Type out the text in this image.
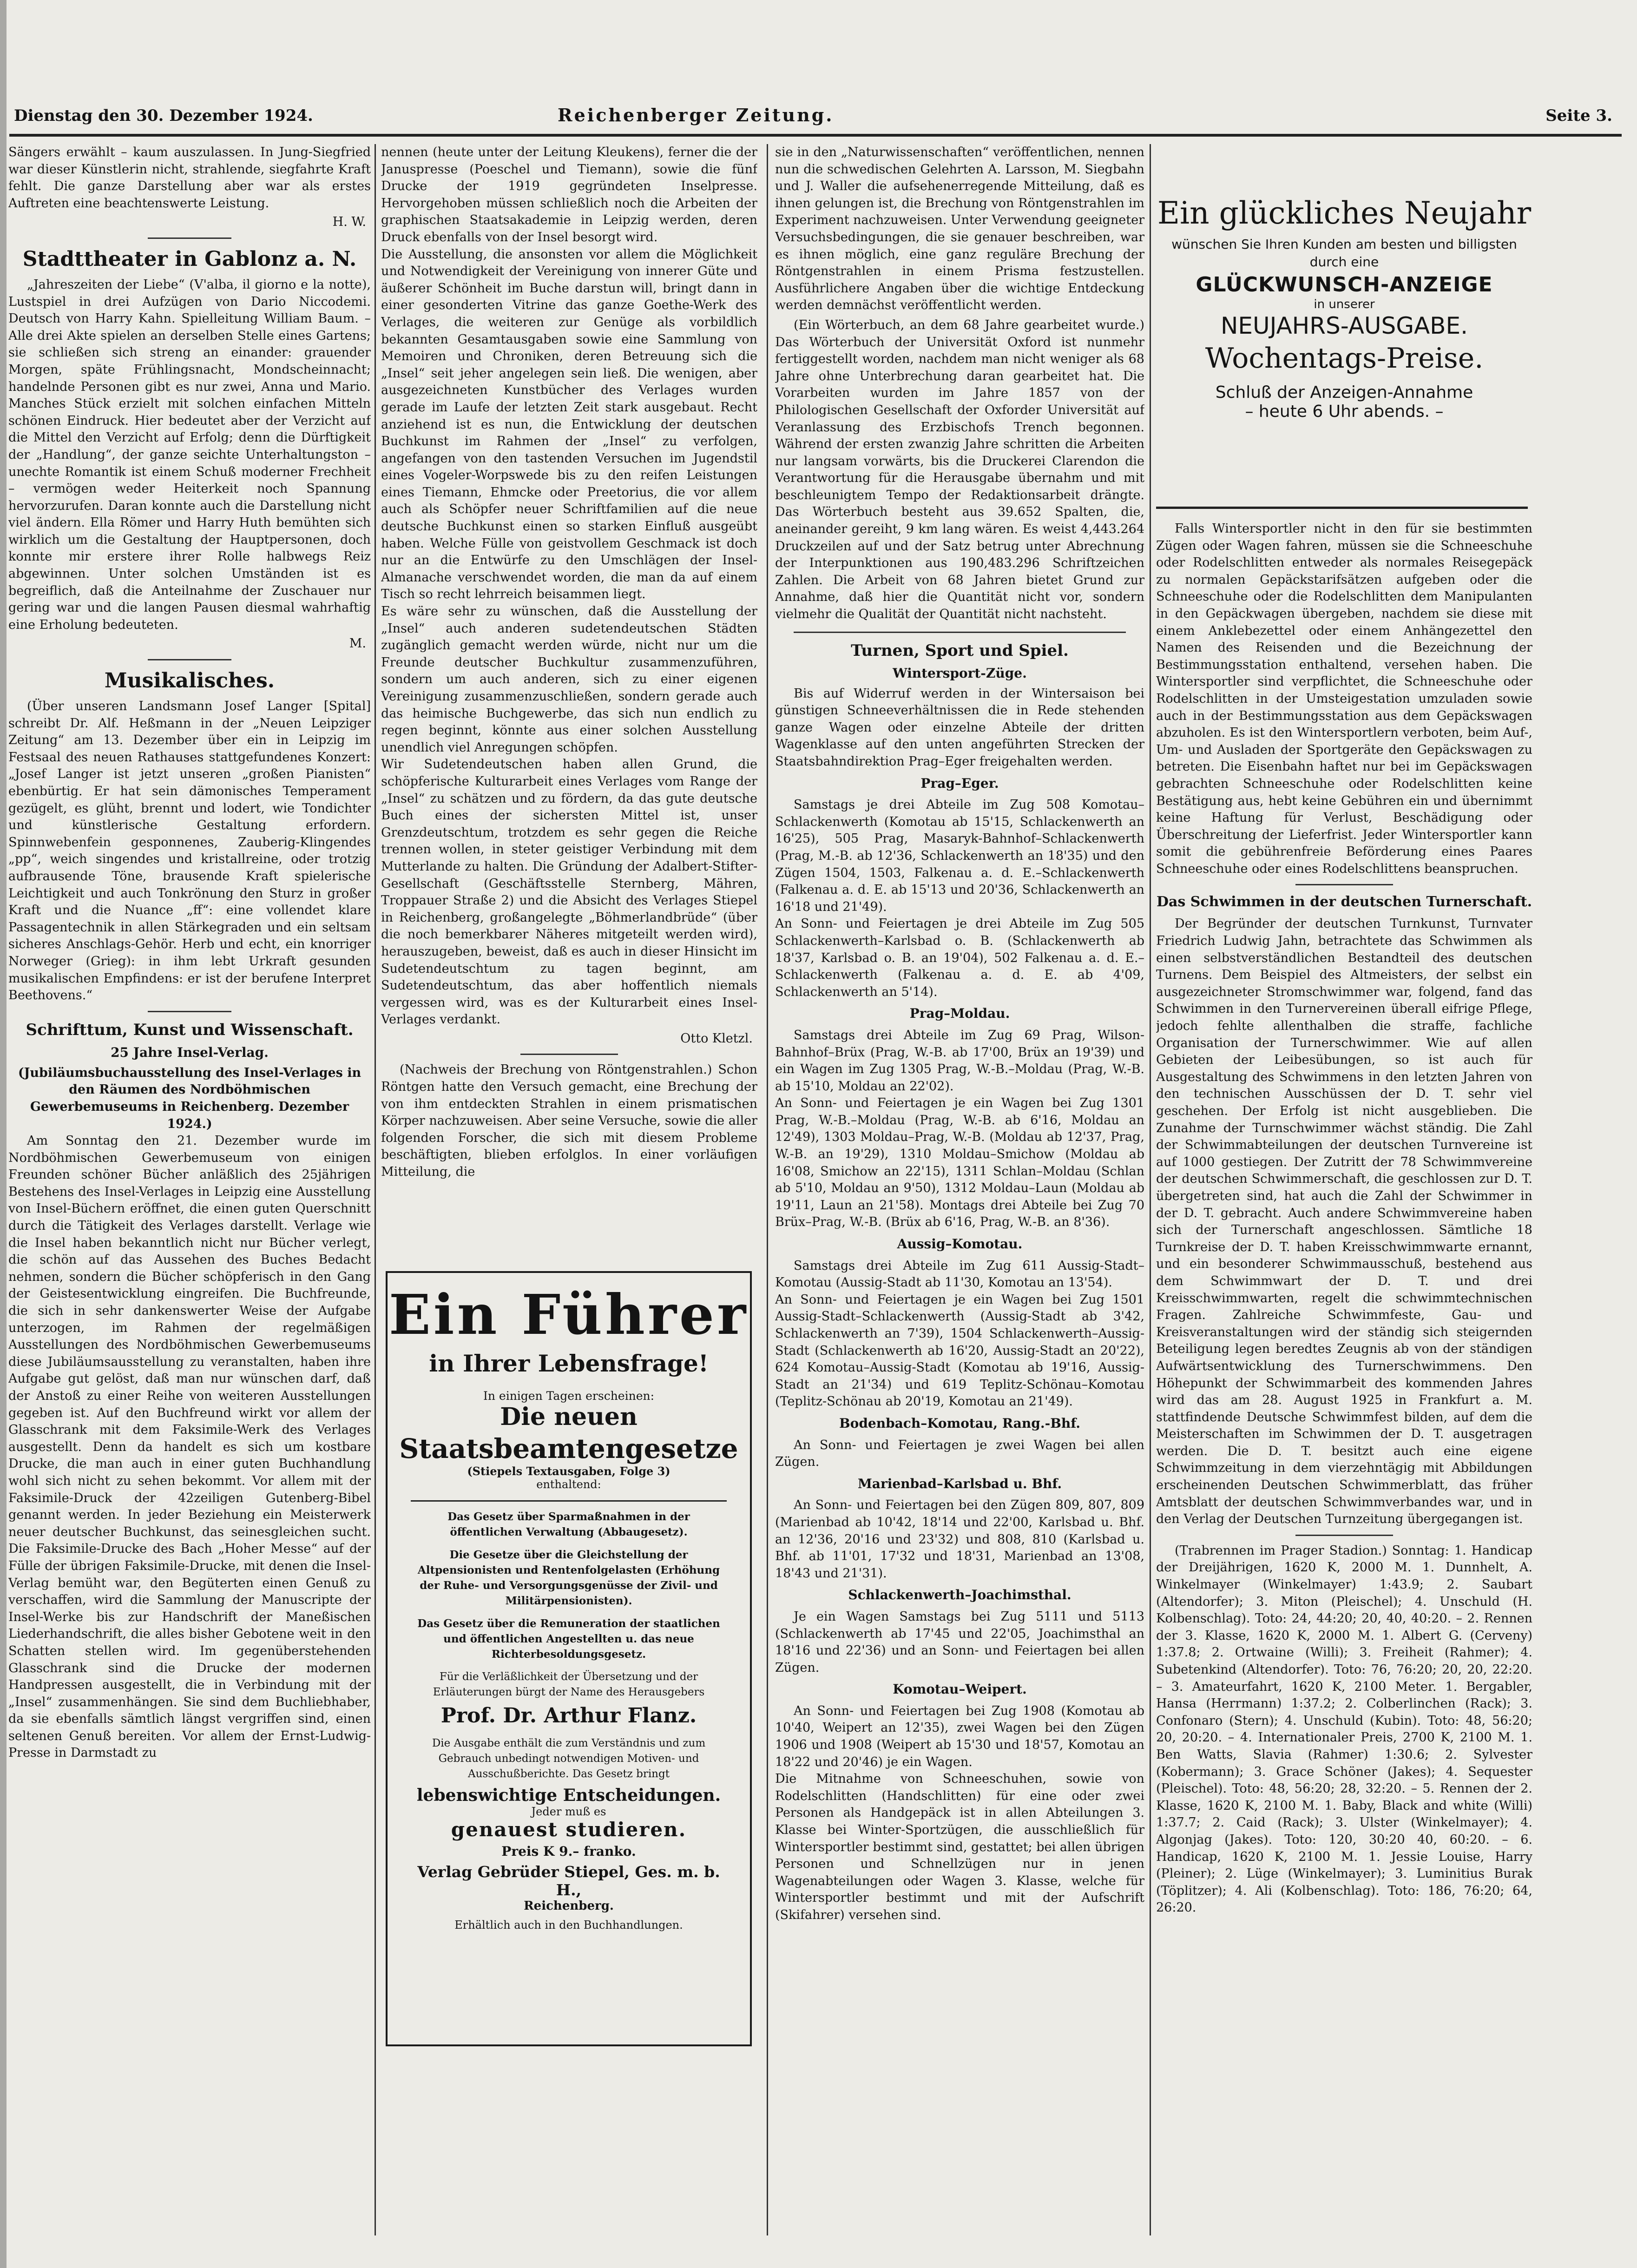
Dienstag den 30. Dezember 1924.	Reichenberger Zeitung.	Seite 3.

Sängers erwählt – kaum auszulassen. In Jung-Siegfried war dieser Künstlerin nicht, strahlende, siegfahrte Kraft fehlt. Die ganze Darstellung aber war als erstes Auftreten eine beachtenswerte Leistung.

H. W.
Stadttheater in Gablonz a. N.

„Jahreszeiten der Liebe“ (V'alba, il giorno e la notte), Lustspiel in drei Aufzügen von Dario Niccodemi. Deutsch von Harry Kahn. Spielleitung William Baum. – Alle drei Akte spielen an derselben Stelle eines Gartens; sie schließen sich streng an einander: grauender Morgen, späte Frühlingsnacht, Mondscheinnacht; handelnde Personen gibt es nur zwei, Anna und Mario. Manches Stück erzielt mit solchen einfachen Mitteln schönen Eindruck. Hier bedeutet aber der Verzicht auf die Mittel den Verzicht auf Erfolg; denn die Dürftigkeit der „Handlung“, der ganze seichte Unterhaltungston – unechte Romantik ist einem Schuß moderner Frechheit – vermögen weder Heiterkeit noch Spannung hervorzurufen. Daran konnte auch die Darstellung nicht viel ändern. Ella Römer und Harry Huth bemühten sich wirklich um die Gestaltung der Hauptpersonen, doch konnte mir erstere ihrer Rolle halbwegs Reiz abgewinnen. Unter solchen Umständen ist es begreiflich, daß die Anteilnahme der Zuschauer nur gering war und die langen Pausen diesmal wahrhaftig eine Erholung bedeuteten.

M.
Musikalisches.

(Über unseren Landsmann Josef Langer [Spital] schreibt Dr. Alf. Heßmann in der „Neuen Leipziger Zeitung“ am 13. Dezember über ein in Leipzig im Festsaal des neuen Rathauses stattgefundenes Konzert: „Josef Langer ist jetzt unseren „großen Pianisten“ ebenbürtig. Er hat sein dämonisches Temperament gezügelt, es glüht, brennt und lodert, wie Tondichter und künstlerische Gestaltung erfordern. Spinnwebenfein gesponnenes, Zauberig-Klingendes „pp“, weich singendes und kristallreine, oder trotzig aufbrausende Töne, brausende Kraft spielerische Leichtigkeit und auch Tonkrönung den Sturz in großer Kraft und die Nuance „ff“: eine vollendet klare Passagentechnik in allen Stärkegraden und ein seltsam sicheres Anschlags-Gehör. Herb und echt, ein knorriger Norweger (Grieg): in ihm lebt Urkraft gesunden musikalischen Empfindens: er ist der berufene Interpret Beethovens.“

Schrifttum, Kunst und Wissenschaft.
25 Jahre Insel-Verlag.

(Jubiläumsbuchausstellung des Insel-Verlages in den Räumen des Nordböhmischen Gewerbemuseums in Reichenberg. Dezember 1924.)

Am Sonntag den 21. Dezember wurde im Nordböhmischen Gewerbemuseum von einigen Freunden schöner Bücher anläßlich des 25jährigen Bestehens des Insel-Verlages in Leipzig eine Ausstellung von Insel-Büchern eröffnet, die einen guten Querschnitt durch die Tätigkeit des Verlages darstellt. Verlage wie die Insel haben bekanntlich nicht nur Bücher verlegt, die schön auf das Aussehen des Buches Bedacht nehmen, sondern die Bücher schöpferisch in den Gang der Geistesentwicklung eingreifen. Die Buchfreunde, die sich in sehr dankenswerter Weise der Aufgabe unterzogen, im Rahmen der regelmäßigen Ausstellungen des Nordböhmischen Gewerbemuseums diese Jubiläumsausstellung zu veranstalten, haben ihre Aufgabe gut gelöst, daß man nur wünschen darf, daß der Anstoß zu einer Reihe von weiteren Ausstellungen gegeben ist. Auf den Buchfreund wirkt vor allem der Glasschrank mit dem Faksimile-Werk des Verlages ausgestellt. Denn da handelt es sich um kostbare Drucke, die man auch in einer guten Buchhandlung wohl sich nicht zu sehen bekommt. Vor allem mit der Faksimile-Druck der 42zeiligen Gutenberg-Bibel genannt werden. In jeder Beziehung ein Meisterwerk neuer deutscher Buchkunst, das seinesgleichen sucht. Die Faksimile-Drucke des Bach „Hoher Messe“ auf der Fülle der übrigen Faksimile-Drucke, mit denen die Insel-Verlag bemüht war, den Begüterten einen Genuß zu verschaffen, wird die Sammlung der Manuscripte der Insel-Werke bis zur Handschrift der Maneßischen Liederhandschrift, die alles bisher Gebotene weit in den Schatten stellen wird. Im gegenüberstehenden Glasschrank sind die Drucke der modernen Handpressen ausgestellt, die in Verbindung mit der „Insel“ zusammenhängen. Sie sind dem Buchliebhaber, da sie ebenfalls sämtlich längst vergriffen sind, einen seltenen Genuß bereiten. Vor allem der Ernst-Ludwig-Presse in Darmstadt zu

nennen (heute unter der Leitung Kleukens), ferner die der Januspresse (Poeschel und Tiemann), sowie die fünf Drucke der 1919 gegründeten Inselpresse. Hervorgehoben müssen schließlich noch die Arbeiten der graphischen Staatsakademie in Leipzig werden, deren Druck ebenfalls von der Insel besorgt wird.
Die Ausstellung, die ansonsten vor allem die Möglichkeit und Notwendigkeit der Vereinigung von innerer Güte und äußerer Schönheit im Buche darstun will, bringt dann in einer gesonderten Vitrine das ganze Goethe-Werk des Verlages, die weiteren zur Genüge als vorbildlich bekannten Gesamtausgaben sowie eine Sammlung von Memoiren und Chroniken, deren Betreuung sich die „Insel“ seit jeher angelegen sein ließ. Die wenigen, aber ausgezeichneten Kunstbücher des Verlages wurden gerade im Laufe der letzten Zeit stark ausgebaut. Recht anziehend ist es nun, die Entwicklung der deutschen Buchkunst im Rahmen der „Insel“ zu verfolgen, angefangen von den tastenden Versuchen im Jugendstil eines Vogeler-Worpswede bis zu den reifen Leistungen eines Tiemann, Ehmcke oder Preetorius, die vor allem auch als Schöpfer neuer Schriftfamilien auf die neue deutsche Buchkunst einen so starken Einfluß ausgeübt haben. Welche Fülle von geistvollem Geschmack ist doch nur an die Entwürfe zu den Umschlägen der Insel-Almanache verschwendet worden, die man da auf einem Tisch so recht lehrreich beisammen liegt.
Es wäre sehr zu wünschen, daß die Ausstellung der „Insel“ auch anderen sudetendeutschen Städten zugänglich gemacht werden würde, nicht nur um die Freunde deutscher Buchkultur zusammenzuführen, sondern um auch anderen, sich zu einer eigenen Vereinigung zusammenzuschließen, sondern gerade auch das heimische Buchgewerbe, das sich nun endlich zu regen beginnt, könnte aus einer solchen Ausstellung unendlich viel Anregungen schöpfen.
Wir Sudetendeutschen haben allen Grund, die schöpferische Kulturarbeit eines Verlages vom Range der „Insel“ zu schätzen und zu fördern, da das gute deutsche Buch eines der sichersten Mittel ist, unser Grenzdeutschtum, trotzdem es sehr gegen die Reiche trennen wollen, in steter geistiger Verbindung mit dem Mutterlande zu halten. Die Gründung der Adalbert-Stifter-Gesellschaft (Geschäftsstelle Sternberg, Mähren, Troppauer Straße 2) und die Absicht des Verlages Stiepel in Reichenberg, großangelegte „Böhmerlandbrüde“ (über die noch bemerkbarer Näheres mitgeteilt werden wird), herauszugeben, beweist, daß es auch in dieser Hinsicht im Sudetendeutschtum zu tagen beginnt, am Sudetendeutschtum, das aber hoffentlich niemals vergessen wird, was es der Kulturarbeit eines Insel-Verlages verdankt.

Otto Kletzl.

(Nachweis der Brechung von Röntgenstrahlen.) Schon Röntgen hatte den Versuch gemacht, eine Brechung der von ihm entdeckten Strahlen in einem prismatischen Körper nachzuweisen. Aber seine Versuche, sowie die aller folgenden Forscher, die sich mit diesem Probleme beschäftigten, blieben erfolglos. In einer vorläufigen Mitteilung, die

Ein Führer
in Ihrer Lebensfrage!
In einigen Tagen erscheinen:
Die neuen
Staatsbeamtengesetze
(Stiepels Textausgaben, Folge 3)
enthaltend:

Das Gesetz über Sparmaßnahmen in der öffentlichen Verwaltung (Abbaugesetz).

Die Gesetze über die Gleichstellung der Altpensionisten und Rentenfolgelasten (Erhöhung der Ruhe- und Versorgungsgenüsse der Zivil- und Militärpensionisten).

Das Gesetz über die Remuneration der staatlichen und öffentlichen Angestellten u. das neue Richterbesoldungsgesetz.

Für die Verläßlichkeit der Übersetzung und der Erläuterungen bürgt der Name des Herausgebers

Prof. Dr. Arthur Flanz.

Die Ausgabe enthält die zum Verständnis und zum Gebrauch unbedingt notwendigen Motiven- und Ausschußberichte. Das Gesetz bringt

lebenswichtige Entscheidungen.
Jeder muß es
genauest studieren.
Preis K 9.– franko.
Verlag Gebrüder Stiepel, Ges. m. b. H.,
Reichenberg.
Erhältlich auch in den Buchhandlungen.

sie in den „Naturwissenschaften“ veröffentlichen, nennen nun die schwedischen Gelehrten A. Larsson, M. Siegbahn und J. Waller die aufsehenerregende Mitteilung, daß es ihnen gelungen ist, die Brechung von Röntgenstrahlen im Experiment nachzuweisen. Unter Verwendung geeigneter Versuchsbedingungen, die sie genauer beschreiben, war es ihnen möglich, eine ganz reguläre Brechung der Röntgenstrahlen in einem Prisma festzustellen. Ausführlichere Angaben über die wichtige Entdeckung werden demnächst veröffentlicht werden.

(Ein Wörterbuch, an dem 68 Jahre gearbeitet wurde.) Das Wörterbuch der Universität Oxford ist nunmehr fertiggestellt worden, nachdem man nicht weniger als 68 Jahre ohne Unterbrechung daran gearbeitet hat. Die Vorarbeiten wurden im Jahre 1857 von der Philologischen Gesellschaft der Oxforder Universität auf Veranlassung des Erzbischofs Trench begonnen. Während der ersten zwanzig Jahre schritten die Arbeiten nur langsam vorwärts, bis die Druckerei Clarendon die Verantwortung für die Herausgabe übernahm und mit beschleunigtem Tempo der Redaktionsarbeit drängte. Das Wörterbuch besteht aus 39.652 Spalten, die, aneinander gereiht, 9 km lang wären. Es weist 4,443.264 Druckzeilen auf und der Satz betrug unter Abrechnung der Interpunktionen aus 190,483.296 Schriftzeichen Zahlen. Die Arbeit von 68 Jahren bietet Grund zur Annahme, daß hier die Quantität nicht vor, sondern vielmehr die Qualität der Quantität nicht nachsteht.

Turnen, Sport und Spiel.
Wintersport-Züge.

Bis auf Widerruf werden in der Wintersaison bei günstigen Schneeverhältnissen die in Rede stehenden ganze Wagen oder einzelne Abteile der dritten Wagenklasse auf den unten angeführten Strecken der Staatsbahndirektion Prag–Eger freigehalten werden.

Prag–Eger.

Samstags je drei Abteile im Zug 508 Komotau–Schlackenwerth (Komotau ab 15'15, Schlackenwerth an 16'25), 505 Prag, Masaryk-Bahnhof–Schlackenwerth (Prag, M.-B. ab 12'36, Schlackenwerth an 18'35) und den Zügen 1504, 1503, Falkenau a. d. E.–Schlackenwerth (Falkenau a. d. E. ab 15'13 und 20'36, Schlackenwerth an 16'18 und 21'49).
An Sonn- und Feiertagen je drei Abteile im Zug 505 Schlackenwerth–Karlsbad o. B. (Schlackenwerth ab 18'37, Karlsbad o. B. an 19'04), 502 Falkenau a. d. E.–Schlackenwerth (Falkenau a. d. E. ab 4'09, Schlackenwerth an 5'14).

Prag–Moldau.

Samstags drei Abteile im Zug 69 Prag, Wilson-Bahnhof–Brüx (Prag, W.-B. ab 17'00, Brüx an 19'39) und ein Wagen im Zug 1305 Prag, W.-B.–Moldau (Prag, W.-B. ab 15'10, Moldau an 22'02).
An Sonn- und Feiertagen je ein Wagen bei Zug 1301 Prag, W.-B.–Moldau (Prag, W.-B. ab 6'16, Moldau an 12'49), 1303 Moldau–Prag, W.-B. (Moldau ab 12'37, Prag, W.-B. an 19'29), 1310 Moldau–Smichow (Moldau ab 16'08, Smichow an 22'15), 1311 Schlan–Moldau (Schlan ab 5'10, Moldau an 9'50), 1312 Moldau–Laun (Moldau ab 19'11, Laun an 21'58). Montags drei Abteile bei Zug 70 Brüx–Prag, W.-B. (Brüx ab 6'16, Prag, W.-B. an 8'36).

Aussig–Komotau.

Samstags drei Abteile im Zug 611 Aussig-Stadt–Komotau (Aussig-Stadt ab 11'30, Komotau an 13'54).
An Sonn- und Feiertagen je ein Wagen bei Zug 1501 Aussig-Stadt–Schlackenwerth (Aussig-Stadt ab 3'42, Schlackenwerth an 7'39), 1504 Schlackenwerth–Aussig-Stadt (Schlackenwerth ab 16'20, Aussig-Stadt an 20'22), 624 Komotau–Aussig-Stadt (Komotau ab 19'16, Aussig-Stadt an 21'34) und 619 Teplitz-Schönau–Komotau (Teplitz-Schönau ab 20'19, Komotau an 21'49).

Bodenbach–Komotau, Rang.-Bhf.

An Sonn- und Feiertagen je zwei Wagen bei allen Zügen.

Marienbad–Karlsbad u. Bhf.

An Sonn- und Feiertagen bei den Zügen 809, 807, 809 (Marienbad ab 10'42, 18'14 und 22'00, Karlsbad u. Bhf. an 12'36, 20'16 und 23'32) und 808, 810 (Karlsbad u. Bhf. ab 11'01, 17'32 und 18'31, Marienbad an 13'08, 18'43 und 21'31).

Schlackenwerth–Joachimsthal.

Je ein Wagen Samstags bei Zug 5111 und 5113 (Schlackenwerth ab 17'45 und 22'05, Joachimsthal an 18'16 und 22'36) und an Sonn- und Feiertagen bei allen Zügen.

Komotau–Weipert.

An Sonn- und Feiertagen bei Zug 1908 (Komotau ab 10'40, Weipert an 12'35), zwei Wagen bei den Zügen 1906 und 1908 (Weipert ab 15'30 und 18'57, Komotau an 18'22 und 20'46) je ein Wagen.
Die Mitnahme von Schneeschuhen, sowie von Rodelschlitten (Handschlitten) für eine oder zwei Personen als Handgepäck ist in allen Abteilungen 3. Klasse bei Winter-Sportzügen, die ausschließlich für Wintersportler bestimmt sind, gestattet; bei allen übrigen Personen und Schnellzügen nur in jenen Wagenabteilungen oder Wagen 3. Klasse, welche für Wintersportler bestimmt und mit der Aufschrift (Skifahrer) versehen sind.

Ein glückliches Neujahr
wünschen Sie Ihren Kunden am besten und billigsten durch eine
GLÜCKWUNSCH-ANZEIGE
in unserer
NEUJAHRS-AUSGABE.
Wochentags-Preise.
Schluß der Anzeigen-Annahme
– heute 6 Uhr abends. –

Falls Wintersportler nicht in den für sie bestimmten Zügen oder Wagen fahren, müssen sie die Schneeschuhe oder Rodelschlitten entweder als normales Reisegepäck zu normalen Gepäckstarifsätzen aufgeben oder die Schneeschuhe oder die Rodelschlitten dem Manipulanten in den Gepäckwagen übergeben, nachdem sie diese mit einem Anklebezettel oder einem Anhängezettel den Namen des Reisenden und die Bezeichnung der Bestimmungsstation enthaltend, versehen haben. Die Wintersportler sind verpflichtet, die Schneeschuhe oder Rodelschlitten in der Umsteigestation umzuladen sowie auch in der Bestimmungsstation aus dem Gepäckswagen abzuholen. Es ist den Wintersportlern verboten, beim Auf-, Um- und Ausladen der Sportgeräte den Gepäckswagen zu betreten. Die Eisenbahn haftet nur bei im Gepäckswagen gebrachten Schneeschuhe oder Rodelschlitten keine Bestätigung aus, hebt keine Gebühren ein und übernimmt keine Haftung für Verlust, Beschädigung oder Überschreitung der Lieferfrist. Jeder Wintersportler kann somit die gebührenfreie Beförderung eines Paares Schneeschuhe oder eines Rodelschlittens beanspruchen.

Das Schwimmen in der deutschen Turnerschaft.

Der Begründer der deutschen Turnkunst, Turnvater Friedrich Ludwig Jahn, betrachtete das Schwimmen als einen selbstverständlichen Bestandteil des deutschen Turnens. Dem Beispiel des Altmeisters, der selbst ein ausgezeichneter Stromschwimmer war, folgend, fand das Schwimmen in den Turnervereinen überall eifrige Pflege, jedoch fehlte allenthalben die straffe, fachliche Organisation der Turnerschwimmer. Wie auf allen Gebieten der Leibesübungen, so ist auch für Ausgestaltung des Schwimmens in den letzten Jahren von den technischen Ausschüssen der D. T. sehr viel geschehen. Der Erfolg ist nicht ausgeblieben. Die Zunahme der Turnschwimmer wächst ständig. Die Zahl der Schwimmabteilungen der deutschen Turnvereine ist auf 1000 gestiegen. Der Zutritt der 78 Schwimmvereine der deutschen Schwimmerschaft, die geschlossen zur D. T. übergetreten sind, hat auch die Zahl der Schwimmer in der D. T. gebracht. Auch andere Schwimmvereine haben sich der Turnerschaft angeschlossen. Sämtliche 18 Turnkreise der D. T. haben Kreisschwimmwarte ernannt, und ein besonderer Schwimmausschuß, bestehend aus dem Schwimmwart der D. T. und drei Kreisschwimmwarten, regelt die schwimmtechnischen Fragen. Zahlreiche Schwimmfeste, Gau- und Kreisveranstaltungen wird der ständig sich steigernden Beteiligung legen beredtes Zeugnis ab von der ständigen Aufwärtsentwicklung des Turnerschwimmens. Den Höhepunkt der Schwimmarbeit des kommenden Jahres wird das am 28. August 1925 in Frankfurt a. M. stattfindende Deutsche Schwimmfest bilden, auf dem die Meisterschaften im Schwimmen der D. T. ausgetragen werden. Die D. T. besitzt auch eine eigene Schwimmzeitung in dem vierzehntägig mit Abbildungen erscheinenden Deutschen Schwimmerblatt, das früher Amtsblatt der deutschen Schwimmverbandes war, und in den Verlag der Deutschen Turnzeitung übergegangen ist.

(Trabrennen im Prager Stadion.) Sonntag: 1. Handicap der Dreijährigen, 1620 K, 2000 M. 1. Dunnhelt, A. Winkelmayer (Winkelmayer) 1:43.9; 2. Saubart (Altendorfer); 3. Miton (Pleischel); 4. Unschuld (H. Kolbenschlag). Toto: 24, 44:20; 20, 40, 40:20. – 2. Rennen der 3. Klasse, 1620 K, 2000 M. 1. Albert G. (Cerveny) 1:37.8; 2. Ortwaine (Willi); 3. Freiheit (Rahmer); 4. Subetenkind (Altendorfer). Toto: 76, 76:20; 20, 20, 22:20. – 3. Amateurfahrt, 1620 K, 2100 Meter. 1. Bergabler, Hansa (Herrmann) 1:37.2; 2. Colberlinchen (Rack); 3. Confonaro (Stern); 4. Unschuld (Kubin). Toto: 48, 56:20; 20, 20:20. – 4. Internationaler Preis, 2700 K, 2100 M. 1. Ben Watts, Slavia (Rahmer) 1:30.6; 2. Sylvester (Kobermann); 3. Grace Schöner (Jakes); 4. Sequester (Pleischel). Toto: 48, 56:20; 28, 32:20. – 5. Rennen der 2. Klasse, 1620 K, 2100 M. 1. Baby, Black and white (Willi) 1:37.7; 2. Caid (Rack); 3. Ulster (Winkelmayer); 4. Algonjag (Jakes). Toto: 120, 30:20 40, 60:20. – 6. Handicap, 1620 K, 2100 M. 1. Jessie Louise, Harry (Pleiner); 2. Lüge (Winkelmayer); 3. Luminitius Burak (Töplitzer); 4. Ali (Kolbenschlag). Toto: 186, 76:20; 64, 26:20.
